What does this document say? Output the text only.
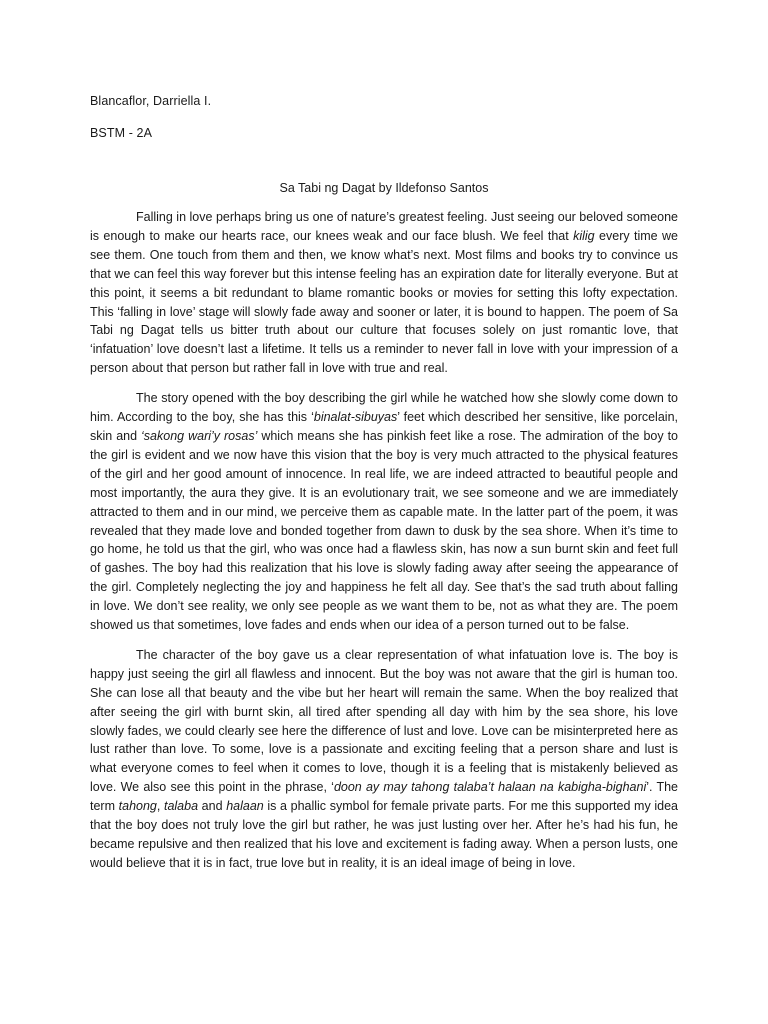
Blancaflor, Darriella I.
BSTM - 2A
Sa Tabi ng Dagat by Ildefonso Santos

Falling in love perhaps bring us one of nature’s greatest feeling. Just seeing our beloved someone is enough to make our hearts race, our knees weak and our face blush. We feel that kilig every time we see them. One touch from them and then, we know what’s next. Most films and books try to convince us that we can feel this way forever but this intense feeling has an expiration date for literally everyone. But at this point, it seems a bit redundant to blame romantic books or movies for setting this lofty expectation. This ‘falling in love’ stage will slowly fade away and sooner or later, it is bound to happen. The poem of Sa Tabi ng Dagat tells us bitter truth about our culture that focuses solely on just romantic love, that ‘infatuation’ love doesn’t last a lifetime. It tells us a reminder to never fall in love with your impression of a person about that person but rather fall in love with true and real.

The story opened with the boy describing the girl while he watched how she slowly come down to him. According to the boy, she has this ‘binalat-sibuyas’ feet which described her sensitive, like porcelain, skin and ‘sakong wari’y rosas’ which means she has pinkish feet like a rose. The admiration of the boy to the girl is evident and we now have this vision that the boy is very much attracted to the physical features of the girl and her good amount of innocence. In real life, we are indeed attracted to beautiful people and most importantly, the aura they give. It is an evolutionary trait, we see someone and we are immediately attracted to them and in our mind, we perceive them as capable mate. In the latter part of the poem, it was revealed that they made love and bonded together from dawn to dusk by the sea shore. When it’s time to go home, he told us that the girl, who was once had a flawless skin, has now a sun burnt skin and feet full of gashes. The boy had this realization that his love is slowly fading away after seeing the appearance of the girl. Completely neglecting the joy and happiness he felt all day. See that’s the sad truth about falling in love. We don’t see reality, we only see people as we want them to be, not as what they are. The poem showed us that sometimes, love fades and ends when our idea of a person turned out to be false.

The character of the boy gave us a clear representation of what infatuation love is. The boy is happy just seeing the girl all flawless and innocent. But the boy was not aware that the girl is human too. She can lose all that beauty and the vibe but her heart will remain the same. When the boy realized that after seeing the girl with burnt skin, all tired after spending all day with him by the sea shore, his love slowly fades, we could clearly see here the difference of lust and love. Love can be misinterpreted here as lust rather than love. To some, love is a passionate and exciting feeling that a person share and lust is what everyone comes to feel when it comes to love, though it is a feeling that is mistakenly believed as love. We also see this point in the phrase, ‘doon ay may tahong talaba’t halaan na kabigha-bighani’. The term tahong, talaba and halaan is a phallic symbol for female private parts. For me this supported my idea that the boy does not truly love the girl but rather, he was just lusting over her. After he’s had his fun, he became repulsive and then realized that his love and excitement is fading away. When a person lusts, one would believe that it is in fact, true love but in reality, it is an ideal image of being in love.
